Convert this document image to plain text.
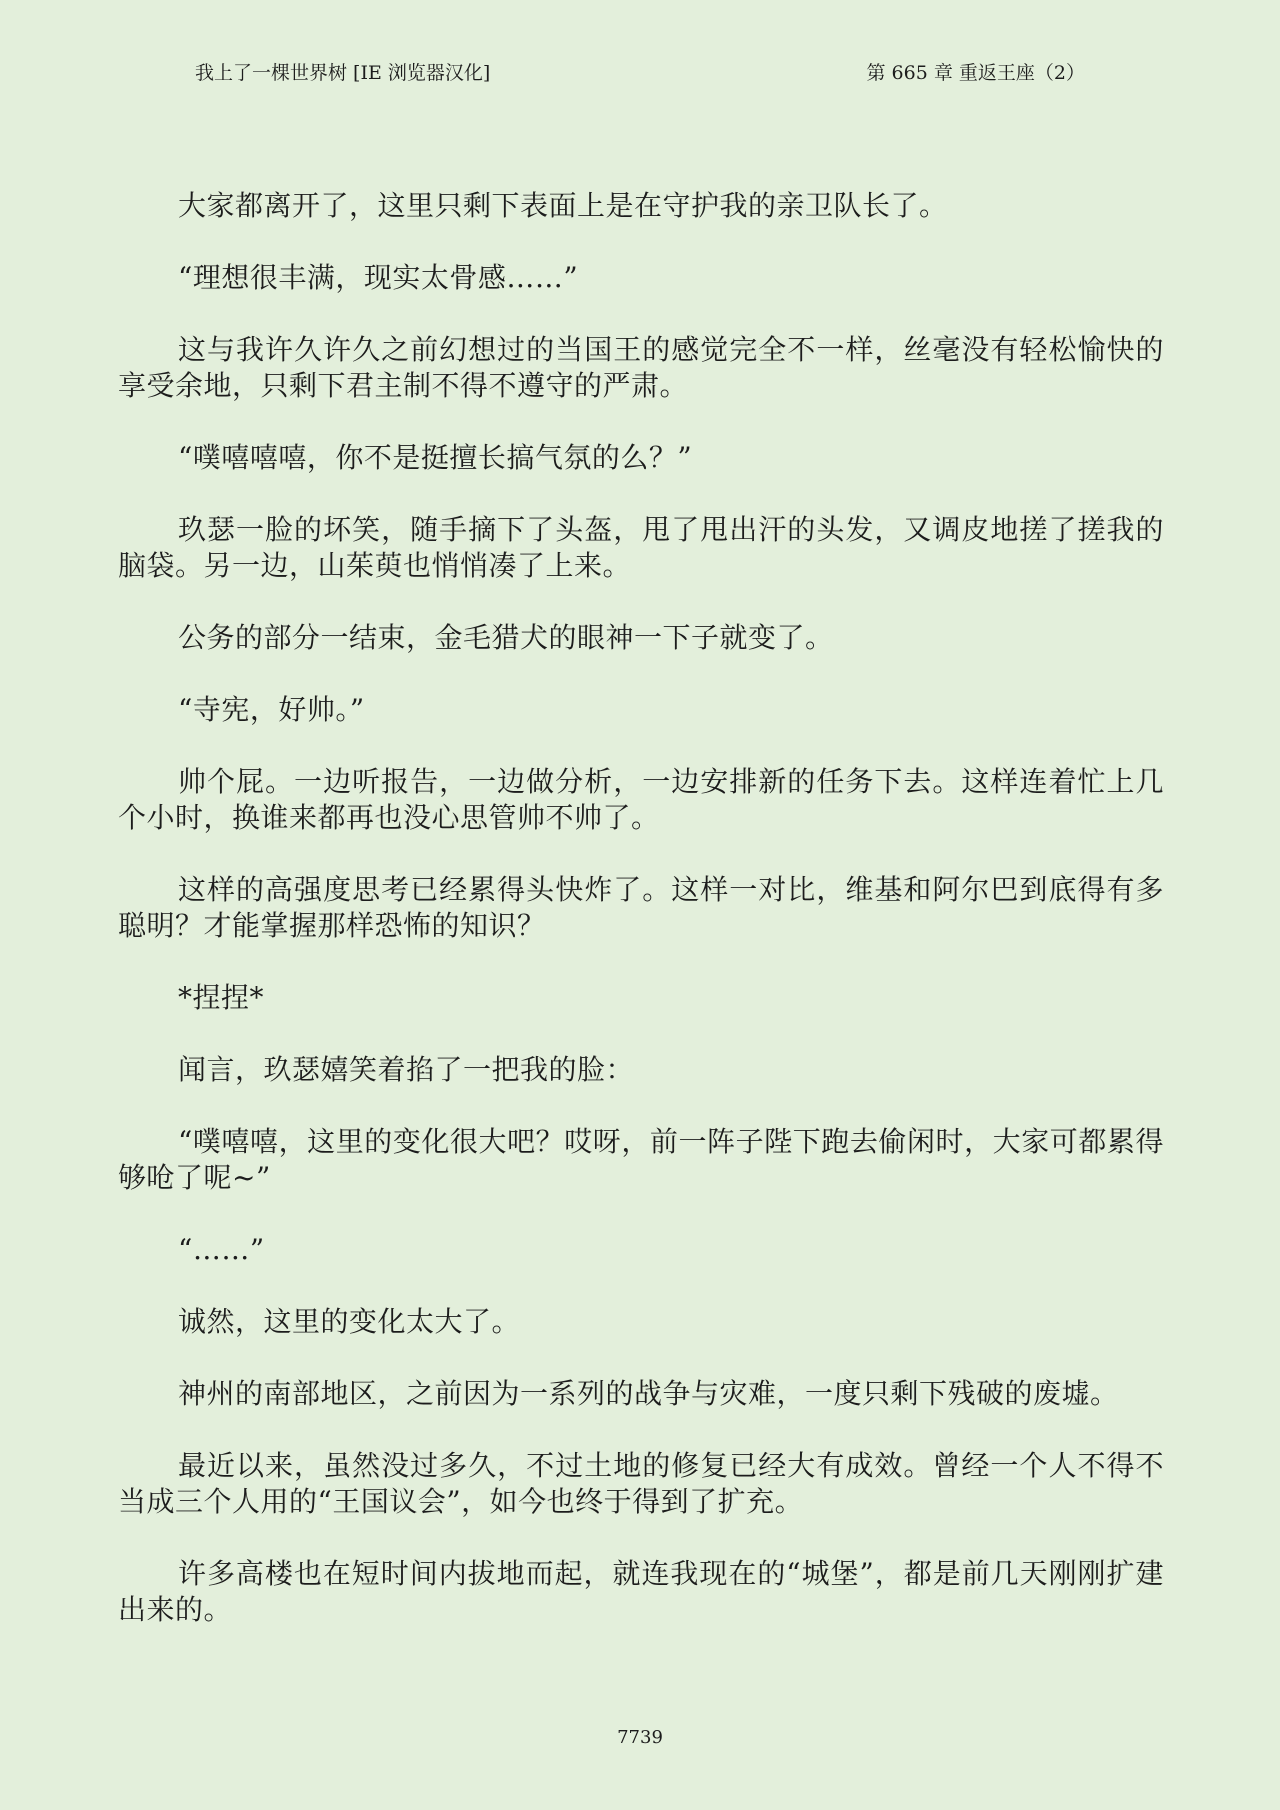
我上了一棵世界树 [IE 浏览器汉化]	第 665 章 重返王座（2）

大家都离开了，这里只剩下表面上是在守护我的亲卫队长了。

“理想很丰满，现实太骨感……”

这与我许久许久之前幻想过的当国王的感觉完全不一样，丝毫没有轻松愉快的享受余地，只剩下君主制不得不遵守的严肃。

“噗嘻嘻嘻，你不是挺擅长搞气氛的么？”

玖瑟一脸的坏笑，随手摘下了头盔，甩了甩出汗的头发，又调皮地搓了搓我的脑袋。另一边，山茱萸也悄悄凑了上来。

公务的部分一结束，金毛猎犬的眼神一下子就变了。

“寺宪，好帅。”

帅个屁。一边听报告，一边做分析，一边安排新的任务下去。这样连着忙上几个小时，换谁来都再也没心思管帅不帅了。

这样的高强度思考已经累得头快炸了。这样一对比，维基和阿尔巴到底得有多聪明？才能掌握那样恐怖的知识？

*捏捏*

闻言，玖瑟嬉笑着掐了一把我的脸：

“噗嘻嘻，这里的变化很大吧？哎呀，前一阵子陛下跑去偷闲时，大家可都累得够呛了呢~”

“……”

诚然，这里的变化太大了。

神州的南部地区，之前因为一系列的战争与灾难，一度只剩下残破的废墟。

最近以来，虽然没过多久，不过土地的修复已经大有成效。曾经一个人不得不当成三个人用的“王国议会”，如今也终于得到了扩充。

许多高楼也在短时间内拔地而起，就连我现在的“城堡”，都是前几天刚刚扩建出来的。

7739
